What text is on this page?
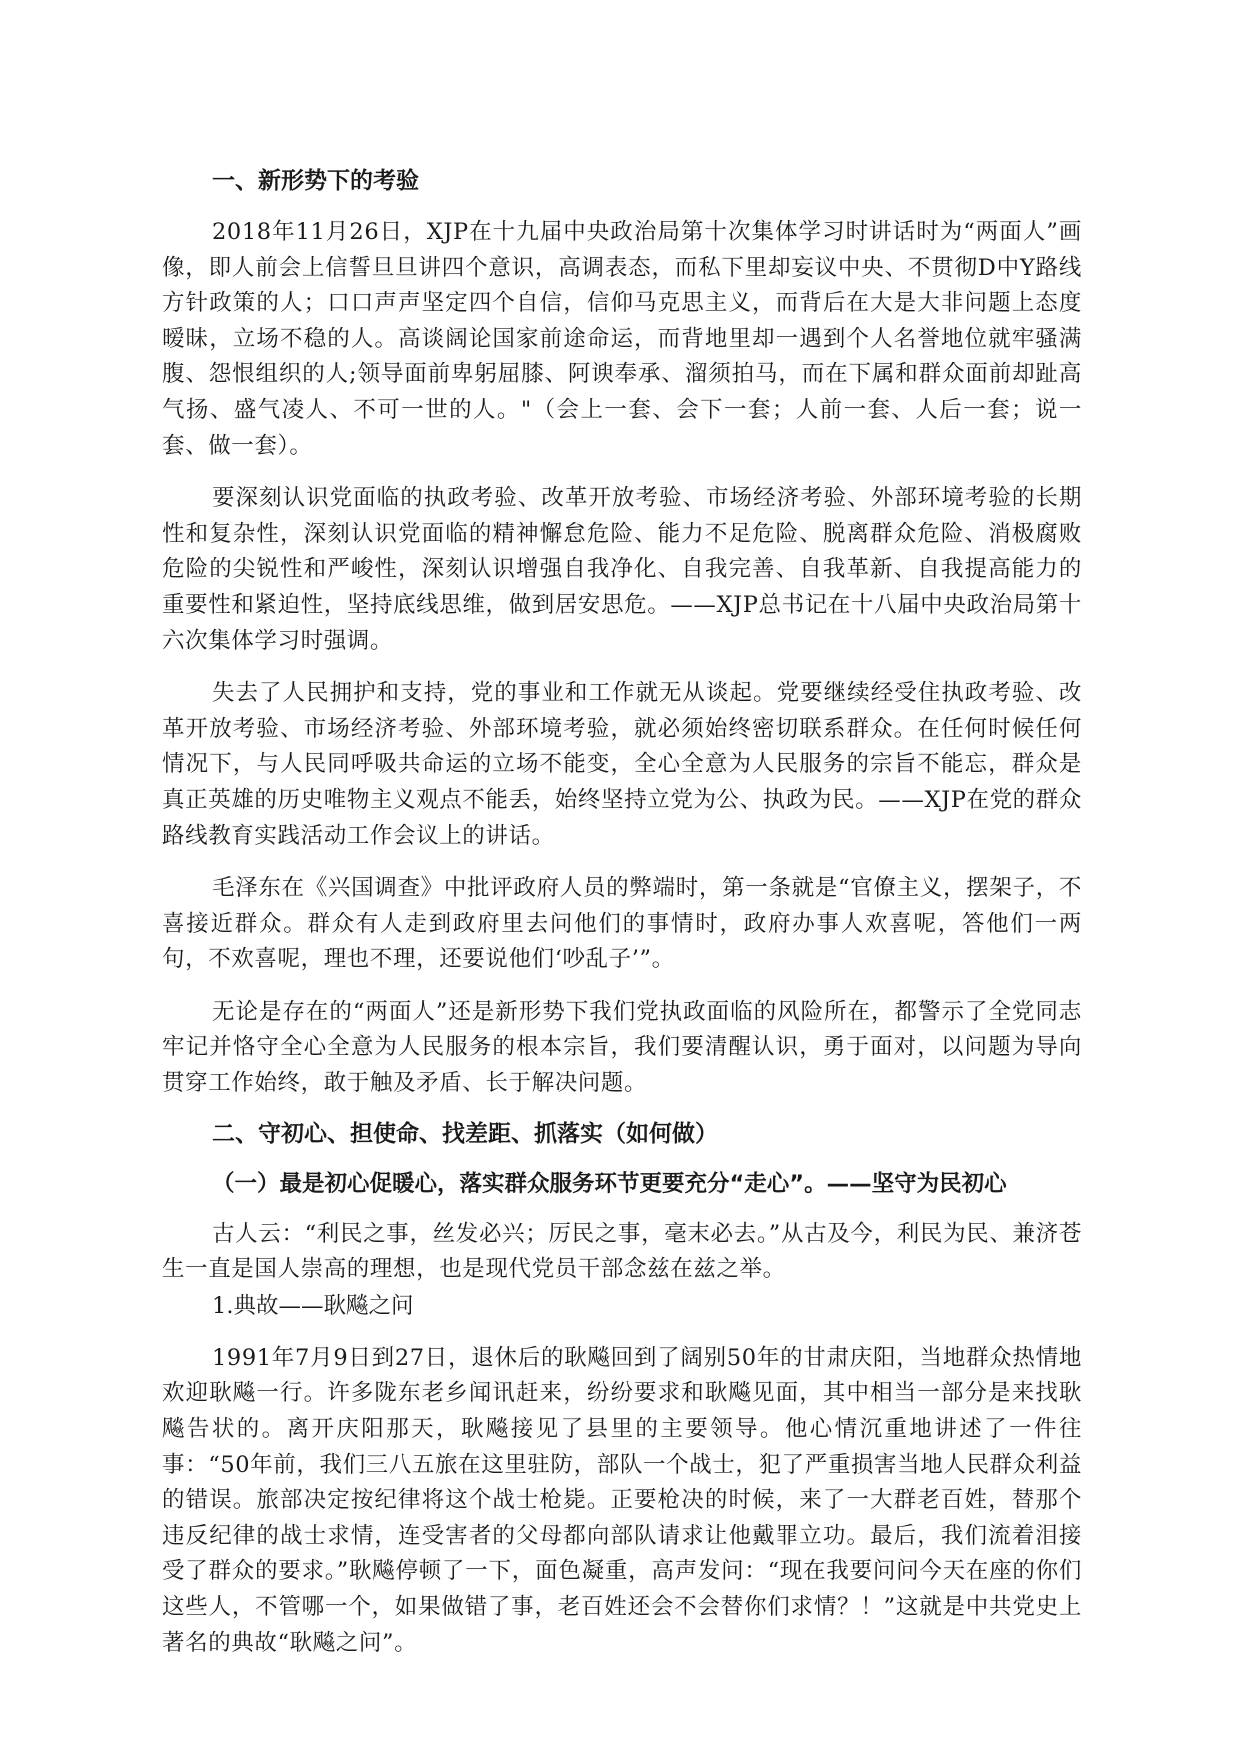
一、新形势下的考验

2018年11月26日，XJP在十九届中央政治局第十次集体学习时讲话时为“两面人”画像，即人前会上信誓旦旦讲四个意识，高调表态，而私下里却妄议中央、不贯彻D中Y路线方针政策的人；口口声声坚定四个自信，信仰马克思主义，而背后在大是大非问题上态度暧昧，立场不稳的人。高谈阔论国家前途命运，而背地里却一遇到个人名誉地位就牢骚满腹、怨恨组织的人;领导面前卑躬屈膝、阿谀奉承、溜须拍马，而在下属和群众面前却趾高气扬、盛气凌人、不可一世的人。"（会上一套、会下一套；人前一套、人后一套；说一套、做一套）。

要深刻认识党面临的执政考验、改革开放考验、市场经济考验、外部环境考验的长期性和复杂性，深刻认识党面临的精神懈怠危险、能力不足危险、脱离群众危险、消极腐败危险的尖锐性和严峻性，深刻认识增强自我净化、自我完善、自我革新、自我提高能力的重要性和紧迫性，坚持底线思维，做到居安思危。——XJP总书记在十八届中央政治局第十六次集体学习时强调。

失去了人民拥护和支持，党的事业和工作就无从谈起。党要继续经受住执政考验、改革开放考验、市场经济考验、外部环境考验，就必须始终密切联系群众。在任何时候任何情况下，与人民同呼吸共命运的立场不能变，全心全意为人民服务的宗旨不能忘，群众是真正英雄的历史唯物主义观点不能丢，始终坚持立党为公、执政为民。——XJP在党的群众路线教育实践活动工作会议上的讲话。

毛泽东在《兴国调查》中批评政府人员的弊端时，第一条就是“官僚主义，摆架子，不喜接近群众。群众有人走到政府里去问他们的事情时，政府办事人欢喜呢，答他们一两句，不欢喜呢，理也不理，还要说他们‘吵乱子’”。

无论是存在的“两面人”还是新形势下我们党执政面临的风险所在，都警示了全党同志牢记并恪守全心全意为人民服务的根本宗旨，我们要清醒认识，勇于面对，以问题为导向贯穿工作始终，敢于触及矛盾、长于解决问题。

二、守初心、担使命、找差距、抓落实（如何做）

（一）最是初心促暖心，落实群众服务环节更要充分“走心”。——坚守为民初心

古人云：“利民之事，丝发必兴；厉民之事，毫末必去。”从古及今，利民为民、兼济苍生一直是国人崇高的理想，也是现代党员干部念兹在兹之举。

1.典故——耿飚之问

1991年7月9日到27日，退休后的耿飚回到了阔别50年的甘肃庆阳，当地群众热情地欢迎耿飚一行。许多陇东老乡闻讯赶来，纷纷要求和耿飚见面，其中相当一部分是来找耿飚告状的。离开庆阳那天，耿飚接见了县里的主要领导。他心情沉重地讲述了一件往事：“50年前，我们三八五旅在这里驻防，部队一个战士，犯了严重损害当地人民群众利益的错误。旅部决定按纪律将这个战士枪毙。正要枪决的时候，来了一大群老百姓，替那个违反纪律的战士求情，连受害者的父母都向部队请求让他戴罪立功。最后，我们流着泪接受了群众的要求。”耿飚停顿了一下，面色凝重，高声发问：“现在我要问问今天在座的你们这些人，不管哪一个，如果做错了事，老百姓还会不会替你们求情？！”这就是中共党史上著名的典故“耿飚之问”。
